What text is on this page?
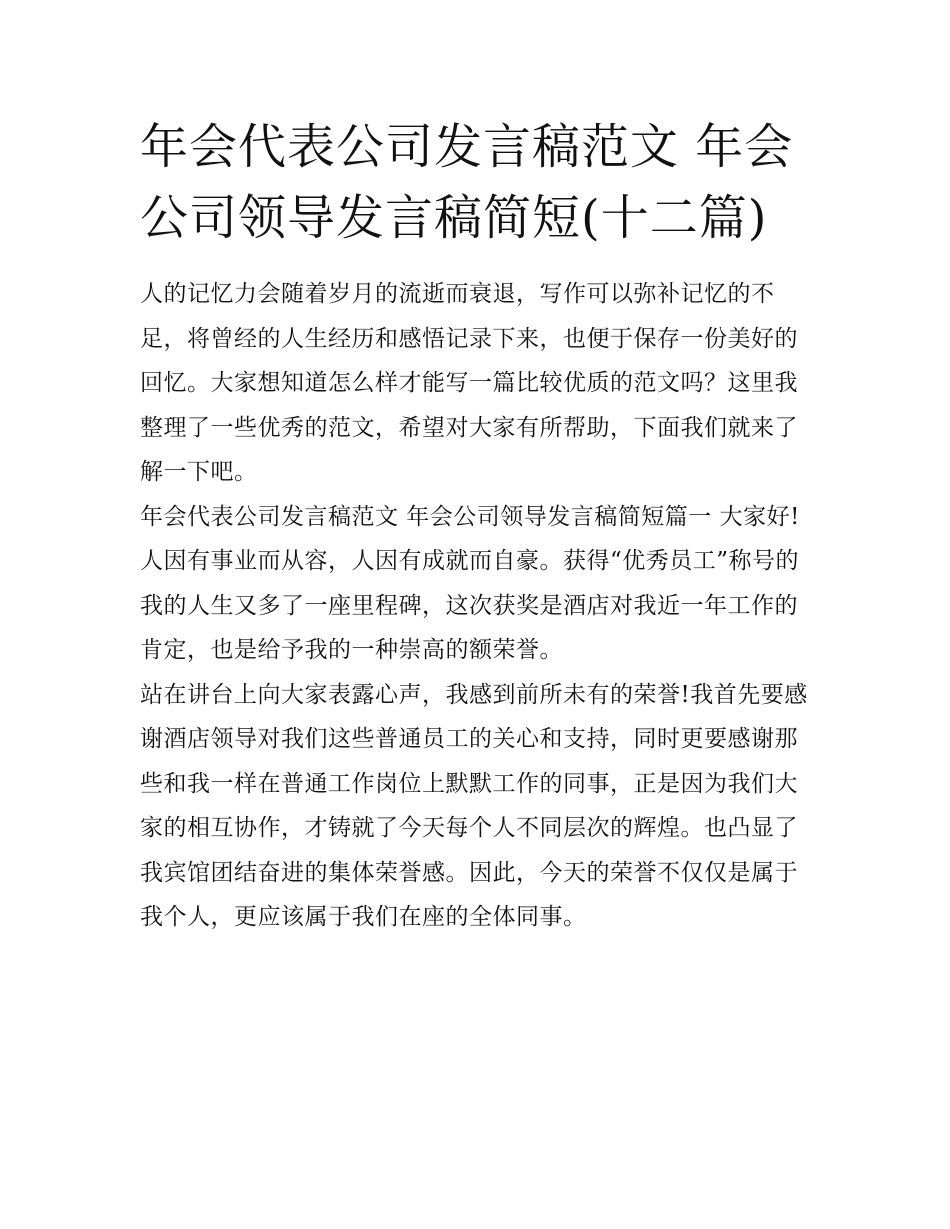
年会代表公司发言稿范文 年会公司领导发言稿简短(十二篇)

人的记忆力会随着岁月的流逝而衰退，写作可以弥补记忆的不足，将曾经的人生经历和感悟记录下来，也便于保存一份美好的回忆。大家想知道怎么样才能写一篇比较优质的范文吗？这里我整理了一些优秀的范文，希望对大家有所帮助，下面我们就来了解一下吧。

年会代表公司发言稿范文 年会公司领导发言稿简短篇一 大家好!

人因有事业而从容，人因有成就而自豪。获得“优秀员工”称号的我的人生又多了一座里程碑，这次获奖是酒店对我近一年工作的肯定，也是给予我的一种崇高的额荣誉。

站在讲台上向大家表露心声，我感到前所未有的荣誉!我首先要感谢酒店领导对我们这些普通员工的关心和支持，同时更要感谢那些和我一样在普通工作岗位上默默工作的同事，正是因为我们大家的相互协作，才铸就了今天每个人不同层次的辉煌。也凸显了我宾馆团结奋进的集体荣誉感。因此，今天的荣誉不仅仅是属于我个人，更应该属于我们在座的全体同事。
